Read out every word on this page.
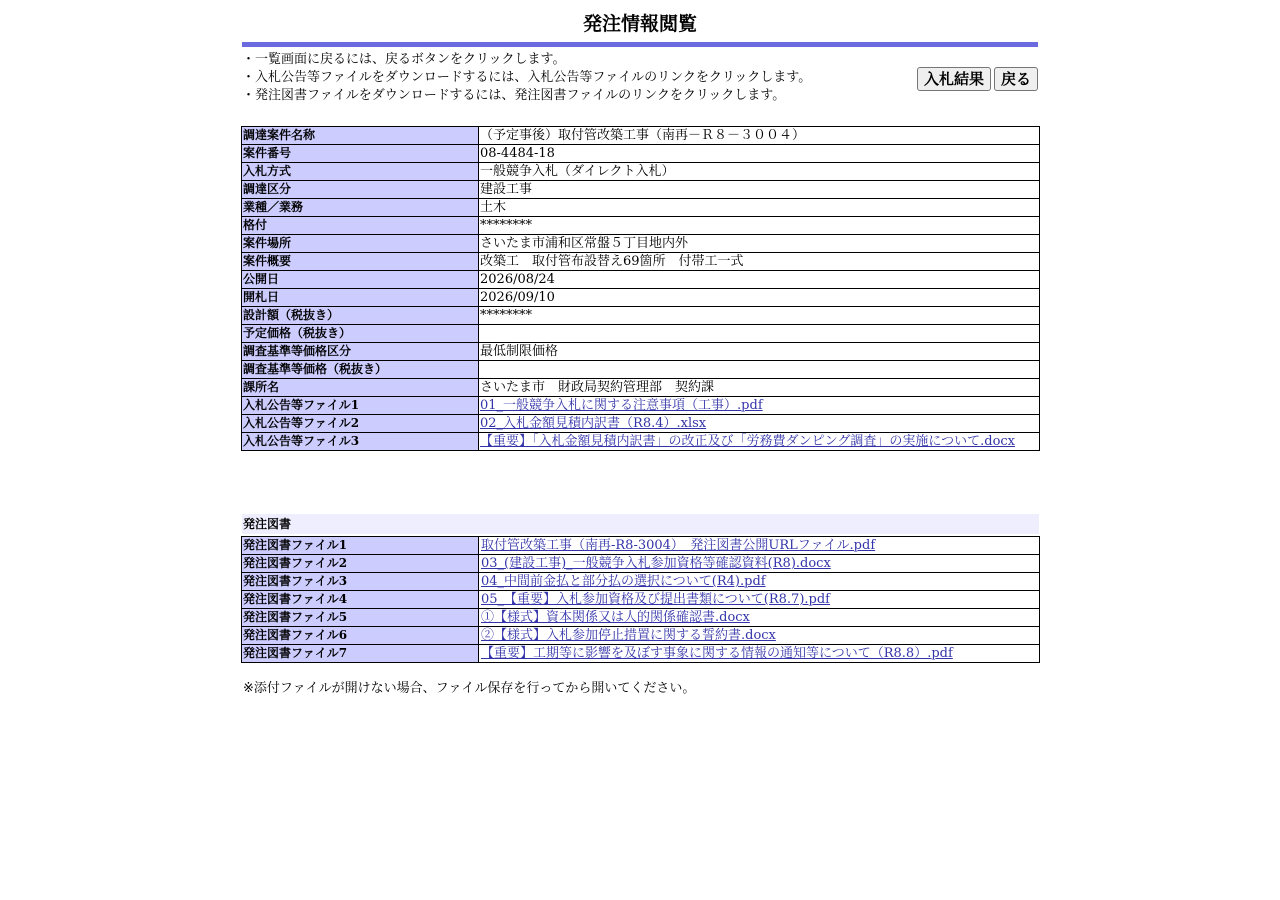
発注情報閲覧
・一覧画面に戻るには、戻るボタンをクリックします。
・入札公告等ファイルをダウンロードするには、入札公告等ファイルのリンクをクリックします。
・発注図書ファイルをダウンロードするには、発注図書ファイルのリンクをクリックします。
入札結果	戻る
調達案件名称	（予定事後）取付管改築工事（南再－Ｒ８－３００４）
案件番号	08-4484-18
入札方式	一般競争入札（ダイレクト入札）
調達区分	建設工事
業種／業務	土木
格付	********
案件場所	さいたま市浦和区常盤５丁目地内外
案件概要	改築工　取付管布設替え69箇所　付帯工一式
公開日	2026/08/24
開札日	2026/09/10
設計額（税抜き）	********
予定価格（税抜き）	
調査基準等価格区分	最低制限価格
調査基準等価格（税抜き）	
課所名	さいたま市　財政局契約管理部　契約課
入札公告等ファイル1	01_一般競争入札に関する注意事項（工事）.pdf
入札公告等ファイル2	02_入札金額見積内訳書（R8.4）.xlsx
入札公告等ファイル3	【重要】「入札金額見積内訳書」の改正及び「労務費ダンピング調査」の実施について.docx
発注図書
発注図書ファイル1	取付管改築工事（南再-R8-3004）　発注図書公開URLファイル.pdf
発注図書ファイル2	03_(建設工事)_一般競争入札参加資格等確認資料(R8).docx
発注図書ファイル3	04_中間前金払と部分払の選択について(R4).pdf
発注図書ファイル4	05_【重要】入札参加資格及び提出書類について(R8.7).pdf
発注図書ファイル5	①【様式】資本関係又は人的関係確認書.docx
発注図書ファイル6	②【様式】入札参加停止措置に関する誓約書.docx
発注図書ファイル7	【重要】工期等に影響を及ぼす事象に関する情報の通知等について（R8.8）.pdf
※添付ファイルが開けない場合、ファイル保存を行ってから開いてください。
